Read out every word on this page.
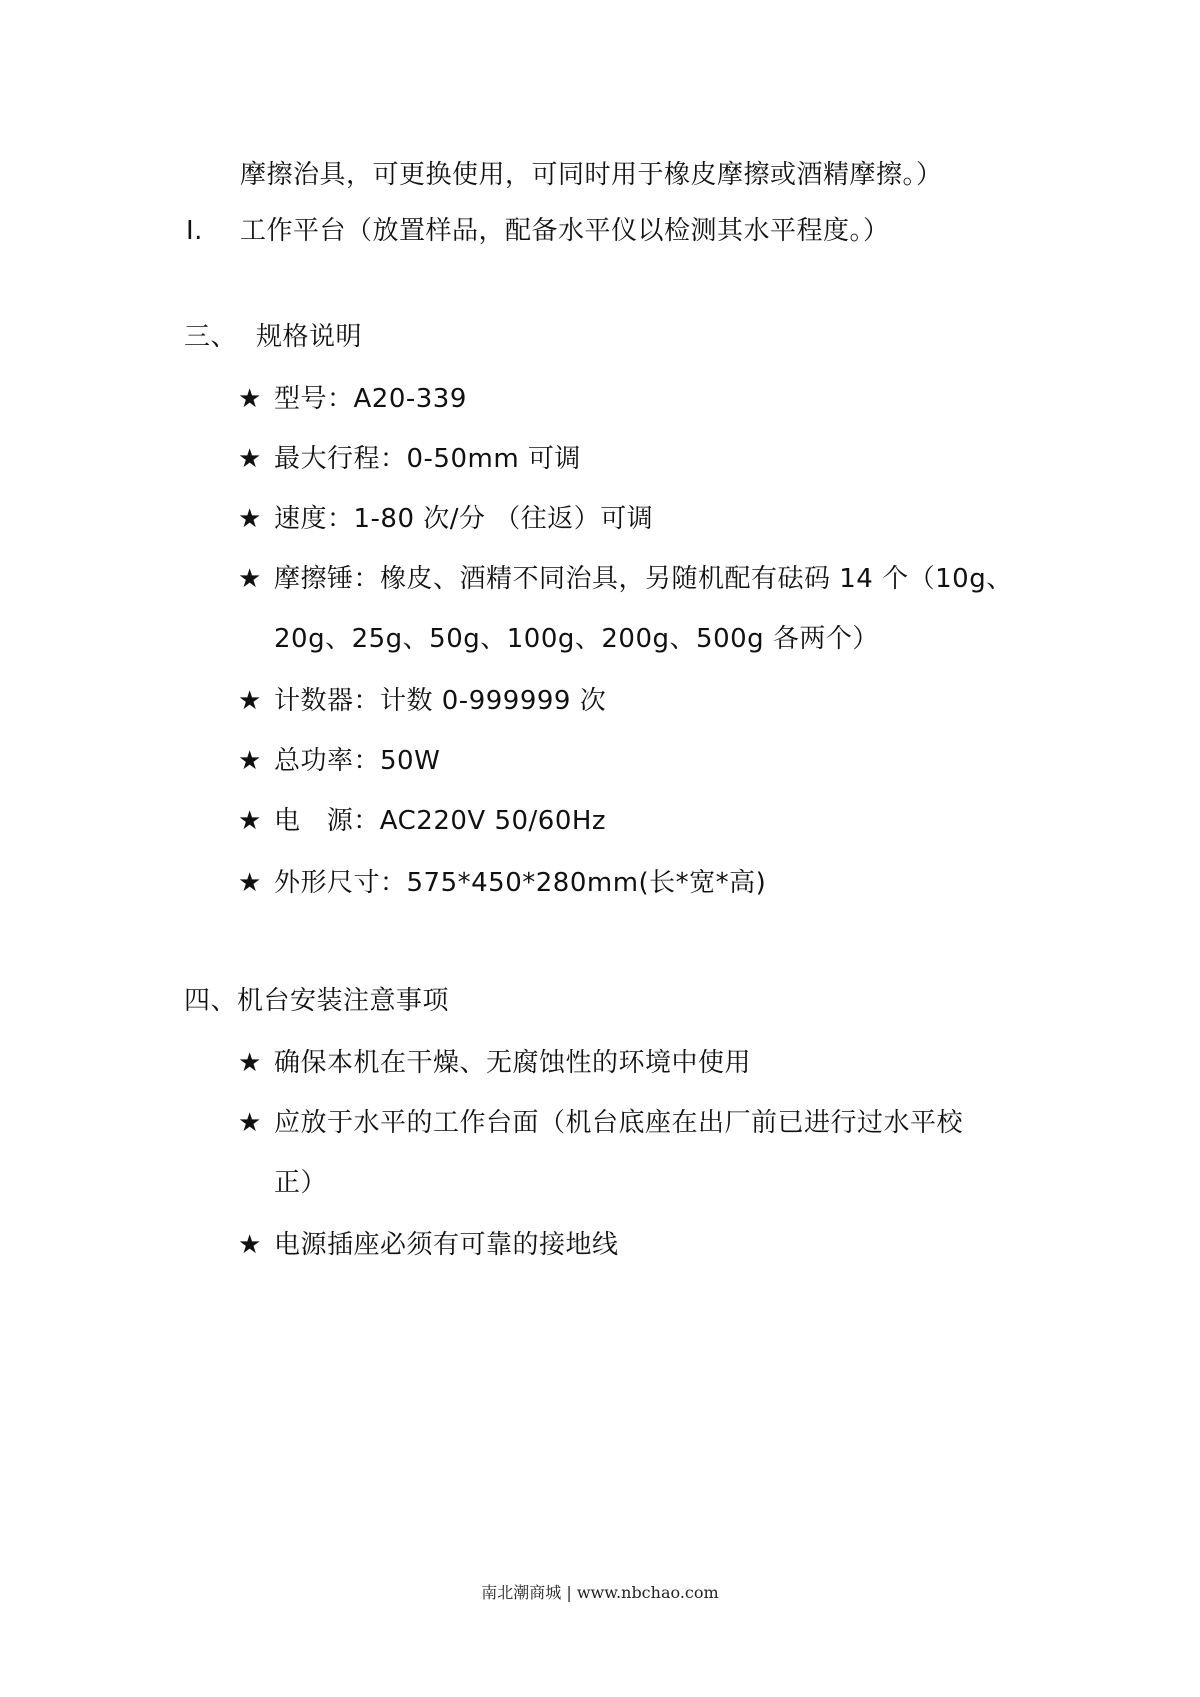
摩擦治具，可更换使用，可同时用于橡皮摩擦或酒精摩擦。）
I. 工作平台（放置样品，配备水平仪以检测其水平程度。）
三、 规格说明
★ 型号：A20-339
★ 最大行程：0-50mm 可调
★ 速度：1-80 次/分 （往返）可调
★ 摩擦锤：橡皮、酒精不同治具，另随机配有砝码 14 个（10g、
20g、25g、50g、100g、200g、500g 各两个）
★ 计数器：计数 0-999999 次
★ 总功率：50W
★ 电   源：AC220V 50/60Hz
★ 外形尺寸：575*450*280mm(长*宽*高)
四、机台安装注意事项
★ 确保本机在干燥、无腐蚀性的环境中使用
★ 应放于水平的工作台面（机台底座在出厂前已进行过水平校
正）
★ 电源插座必须有可靠的接地线
南北潮商城 | www.nbchao.com
